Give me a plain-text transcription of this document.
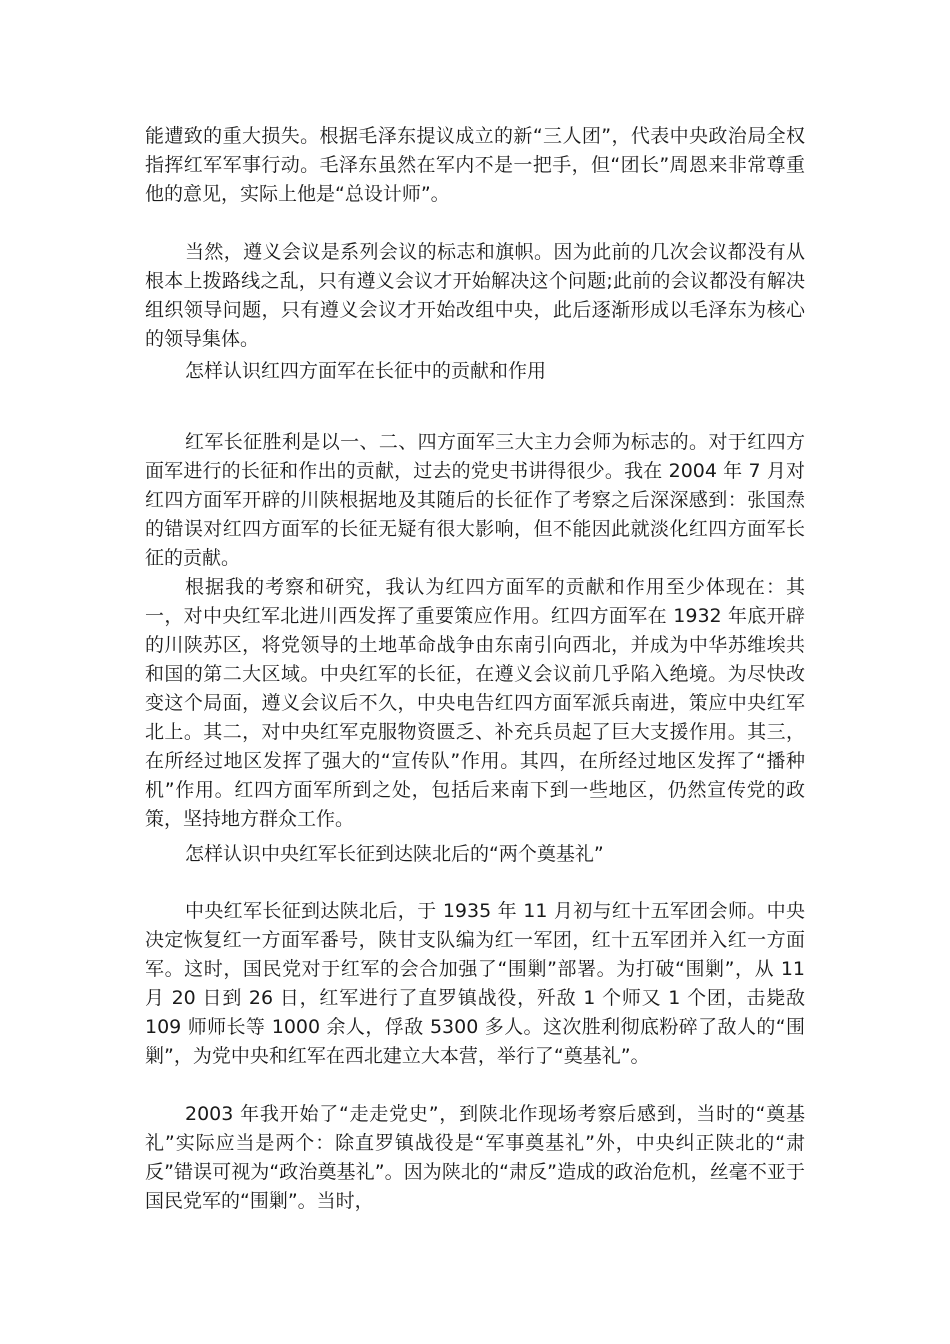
能遭致的重大损失。根据毛泽东提议成立的新“三人团”，代表中央政治局全权指挥红军军事行动。毛泽东虽然在军内不是一把手，但“团长”周恩来非常尊重他的意见，实际上他是“总设计师”。

当然，遵义会议是系列会议的标志和旗帜。因为此前的几次会议都没有从根本上拨路线之乱，只有遵义会议才开始解决这个问题;此前的会议都没有解决组织领导问题，只有遵义会议才开始改组中央，此后逐渐形成以毛泽东为核心的领导集体。

怎样认识红四方面军在长征中的贡献和作用

红军长征胜利是以一、二、四方面军三大主力会师为标志的。对于红四方面军进行的长征和作出的贡献，过去的党史书讲得很少。我在 2004 年 7 月对红四方面军开辟的川陕根据地及其随后的长征作了考察之后深深感到：张国焘的错误对红四方面军的长征无疑有很大影响，但不能因此就淡化红四方面军长征的贡献。

根据我的考察和研究，我认为红四方面军的贡献和作用至少体现在：其一，对中央红军北进川西发挥了重要策应作用。红四方面军在 1932 年底开辟的川陕苏区，将党领导的土地革命战争由东南引向西北，并成为中华苏维埃共和国的第二大区域。中央红军的长征，在遵义会议前几乎陷入绝境。为尽快改变这个局面，遵义会议后不久，中央电告红四方面军派兵南进，策应中央红军北上。其二，对中央红军克服物资匮乏、补充兵员起了巨大支援作用。其三，在所经过地区发挥了强大的“宣传队”作用。其四，在所经过地区发挥了“播种机”作用。红四方面军所到之处，包括后来南下到一些地区，仍然宣传党的政策，坚持地方群众工作。

怎样认识中央红军长征到达陕北后的“两个奠基礼”

中央红军长征到达陕北后，于 1935 年 11 月初与红十五军团会师。中央决定恢复红一方面军番号，陕甘支队编为红一军团，红十五军团并入红一方面军。这时，国民党对于红军的会合加强了“围剿”部署。为打破“围剿”，从 11 月 20 日到 26 日，红军进行了直罗镇战役，歼敌 1 个师又 1 个团，击毙敌 109 师师长等 1000 余人，俘敌 5300 多人。这次胜利彻底粉碎了敌人的“围剿”，为党中央和红军在西北建立大本营，举行了“奠基礼”。

2003 年我开始了“走走党史”，到陕北作现场考察后感到，当时的“奠基礼”实际应当是两个：除直罗镇战役是“军事奠基礼”外，中央纠正陕北的“肃反”错误可视为“政治奠基礼”。因为陕北的“肃反”造成的政治危机，丝毫不亚于国民党军的“围剿”。当时，
